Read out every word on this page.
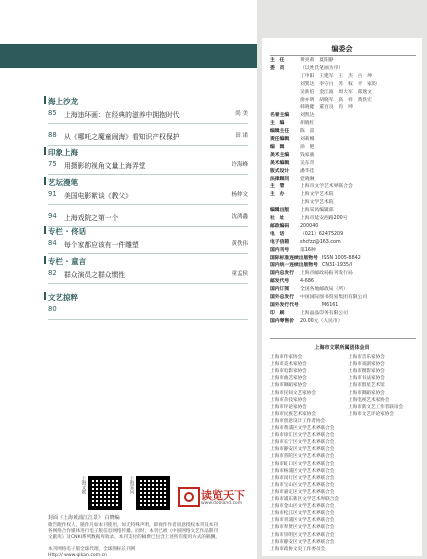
上海文联	上海采风
读览天下
www.dooland.com
封面《上海黄浦江江景》 白晓编
编委会
主　任	黄亮莉　夏阳静
委　员	（以姓氏笔画为序）
丁申阳　王建军　王　杰　古　坤
刘巽达　李守白　苏　权　平　家昀
吴新伯　金江波　周大军　郑逸文
俞亦明　胡晓军　高　祥　黄佚宏
韩晓健　董百良　肖　坤
名誉主编 刘凯达
主　编	胡晓红
编辑主任 陈　雷
责任编辑 刘莉娜
编　辑	徐　艳
美术主编 钱家骏
美术编辑 吴东奇
版式设计 潘华佳
法律顾问 党晓琳
主　管	上海市文学艺术界联合会
主　办	上海文学艺术院
上海文学艺术院
编辑出版 上海采风编辑部
社　址	上海市延安西路200号
邮政编码 200040
电　话	（021）62475209
电子信箱 shcfzz@163.com
国内刊号 第16种
国际标准连续出版物号 ISSN 1005-8842
国内统一连续出版物号 CN31-1935/I
国内总发行 上海市邮政局报刊发行局
邮发代号 4-686
国内订阅 全国各地邮政局（所）
国外总发行 中国国际图书贸易集团有限公司
国外发行代号	M6161
印　刷	上海晶晶印务有限公司
国内零售价 20.00元（人民币）
上海市文联所属团体会员
上海市作家协会
上海市美术家协会
上海市电影家协会
上海市曲艺家协会
上海市舞蹈家协会
上海市民间文艺家协会
上海市杂技家协会
上海市评论家协会
上海市民族艺术家协会
上海市创意设计工作者协会
上海市黄浦区文学艺术界联合会
上海市徐汇区文学艺术界联合会
上海市长宁区文学艺术界联合会
上海市静安区文学艺术界联合会
上海市普陀区文学艺术界联合会
上海市虹口区文学艺术界联合会
上海市杨浦区文学艺术界联合会
上海市闵行区文学艺术界联合会
上海市宝山区文学艺术界联合会
上海市嘉定区文学艺术界联合会
上海市浦东新区文学艺术界联合会
上海市金山区文学艺术界联合会
上海市松江区文学艺术界联合会
上海市青浦区文学艺术界联合会
上海市奉贤区文学艺术界联合会
上海市崇明区文学艺术界联合会
上海市静安区文学艺术界联合会
上海市政协文史工作委员会
上海市音乐家协会
上海市戏剧家协会
上海市摄影家协会
上海市书法家协会
上海市群星艺术馆
上海市舞蹈家协会
上海电视艺术家协会
上海市新文艺工作者联谊会
上海市文艺评论家协会
海上沙龙
85 上海违环画：在经典的滋养中拥抱时代	尚 美
88 从《哪吒之魔童闹海》看知识产权保护	田 诺
印象上海
75 用摄影的视角文量上海弄堂	许海峰
艺坛漫笔
91 美国电影絮谈《教父》	杨仲文
94 上海戏院之第一个	沈鸿鑫
专栏 · 佟话
84 每个家都应该有一件雕塑	黄佚伟
专栏 · 童言
82 群众演员之群众惯性	童孟侯
文艺掠粹
80
歌告瞪作权人，随作凡如本刊使用，如无特殊声明，即视作作者同意授权本刊及本刊
各网络合作媒体进行电子版信息网络传播。同时，本刊已被《中国网络文艺作品期刊
文献库》及CNKI系列数据库收录，本刊支付的稿费已包含上述所有使用方式的稿酬。
本刊网络电子版全球代理，全球图标长刊网
Http:// www.qikan.com.cn
